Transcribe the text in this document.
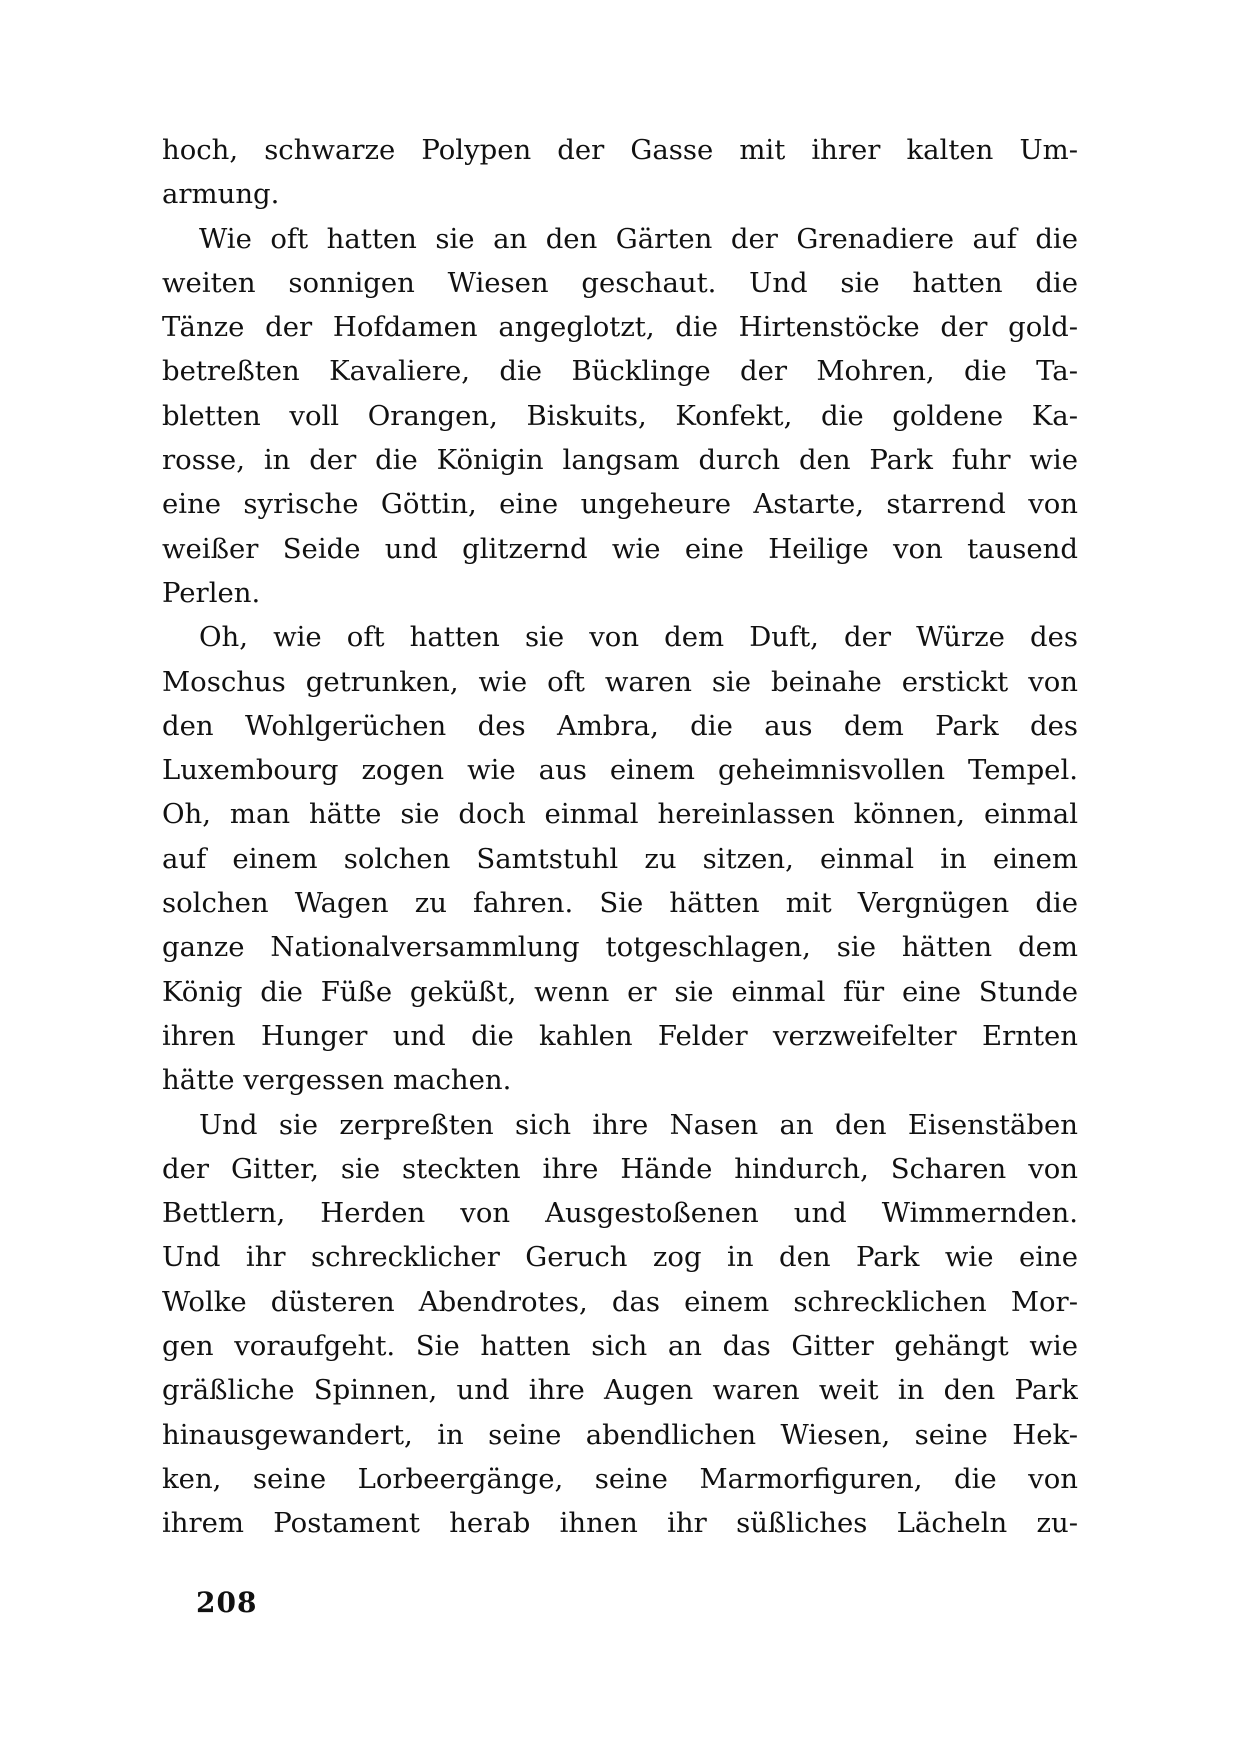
hoch, schwarze Polypen der Gasse mit ihrer kalten Um-
armung.
Wie oft hatten sie an den Gärten der Grenadiere auf die
weiten sonnigen Wiesen geschaut. Und sie hatten die
Tänze der Hofdamen angeglotzt, die Hirtenstöcke der gold-
betreßten Kavaliere, die Bücklinge der Mohren, die Ta-
bletten voll Orangen, Biskuits, Konfekt, die goldene Ka-
rosse, in der die Königin langsam durch den Park fuhr wie
eine syrische Göttin, eine ungeheure Astarte, starrend von
weißer Seide und glitzernd wie eine Heilige von tausend
Perlen.
Oh, wie oft hatten sie von dem Duft, der Würze des
Moschus getrunken, wie oft waren sie beinahe erstickt von
den Wohlgerüchen des Ambra, die aus dem Park des
Luxembourg zogen wie aus einem geheimnisvollen Tempel.
Oh, man hätte sie doch einmal hereinlassen können, einmal
auf einem solchen Samtstuhl zu sitzen, einmal in einem
solchen Wagen zu fahren. Sie hätten mit Vergnügen die
ganze Nationalversammlung totgeschlagen, sie hätten dem
König die Füße geküßt, wenn er sie einmal für eine Stunde
ihren Hunger und die kahlen Felder verzweifelter Ernten
hätte vergessen machen.
Und sie zerpreßten sich ihre Nasen an den Eisenstäben
der Gitter, sie steckten ihre Hände hindurch, Scharen von
Bettlern, Herden von Ausgestoßenen und Wimmernden.
Und ihr schrecklicher Geruch zog in den Park wie eine
Wolke düsteren Abendrotes, das einem schrecklichen Mor-
gen voraufgeht. Sie hatten sich an das Gitter gehängt wie
gräßliche Spinnen, und ihre Augen waren weit in den Park
hinausgewandert, in seine abendlichen Wiesen, seine Hek-
ken, seine Lorbeergänge, seine Marmorfiguren, die von
ihrem Postament herab ihnen ihr süßliches Lächeln zu-
208
